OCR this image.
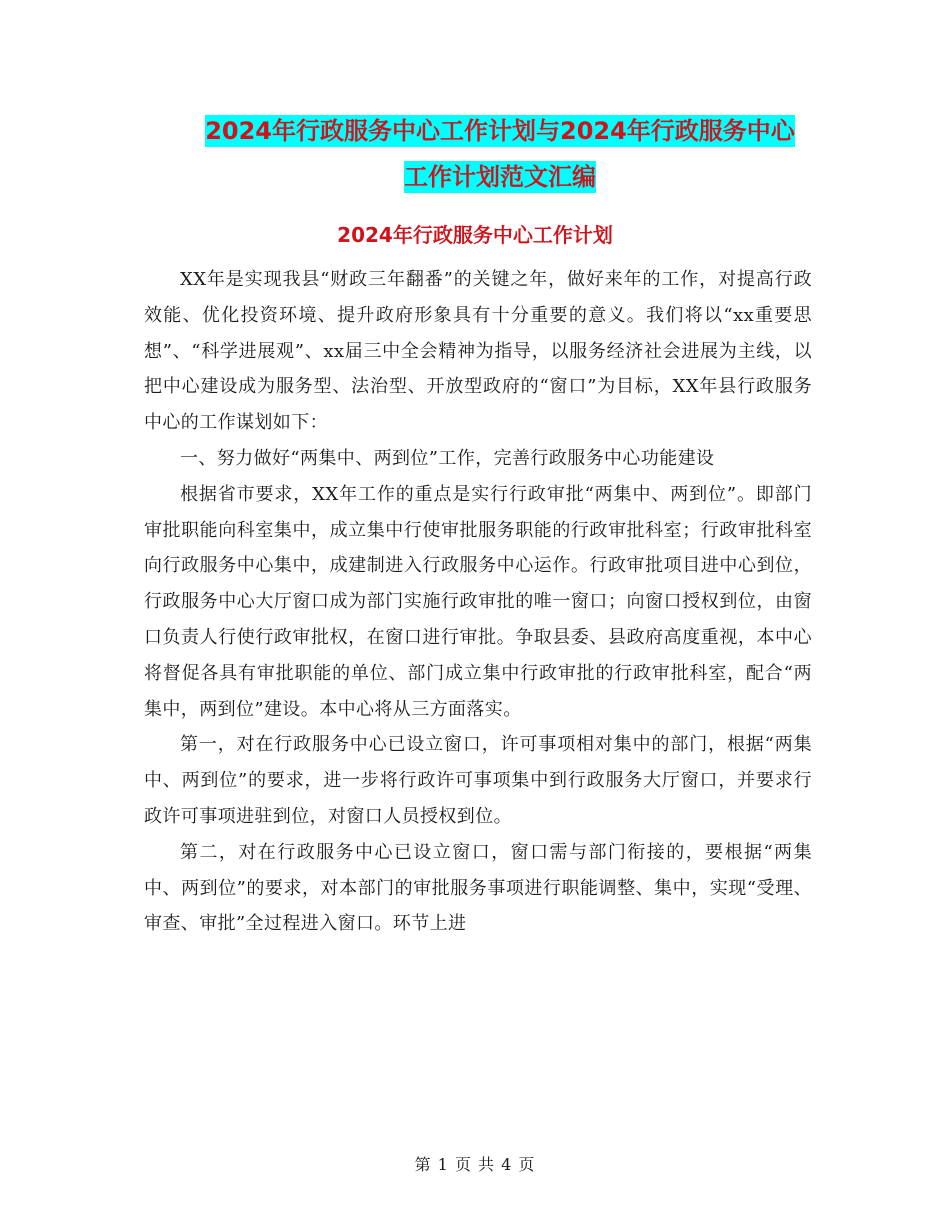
2024年行政服务中心工作计划与2024年行政服务中心
工作计划范文汇编
2024年行政服务中心工作计划

XX年是实现我县“财政三年翻番”的关键之年，做好来年的工作，对提高行政效能、优化投资环境、提升政府形象具有十分重要的意义。我们将以“xx重要思想”、“科学进展观”、xx届三中全会精神为指导，以服务经济社会进展为主线，以把中心建设成为服务型、法治型、开放型政府的“窗口”为目标，XX年县行政服务中心的工作谋划如下：

一、努力做好“两集中、两到位”工作，完善行政服务中心功能建设

根据省市要求，XX年工作的重点是实行行政审批“两集中、两到位”。即部门审批职能向科室集中，成立集中行使审批服务职能的行政审批科室；行政审批科室向行政服务中心集中，成建制进入行政服务中心运作。行政审批项目进中心到位，行政服务中心大厅窗口成为部门实施行政审批的唯一窗口；向窗口授权到位，由窗口负责人行使行政审批权，在窗口进行审批。争取县委、县政府高度重视，本中心将督促各具有审批职能的单位、部门成立集中行政审批的行政审批科室，配合“两集中，两到位”建设。本中心将从三方面落实。

第一，对在行政服务中心已设立窗口，许可事项相对集中的部门，根据“两集中、两到位”的要求，进一步将行政许可事项集中到行政服务大厅窗口，并要求行政许可事项进驻到位，对窗口人员授权到位。

第二，对在行政服务中心已设立窗口，窗口需与部门衔接的，要根据“两集中、两到位”的要求，对本部门的审批服务事项进行职能调整、集中，实现“受理、审查、审批”全过程进入窗口。环节上进

第 1 页 共 4 页
